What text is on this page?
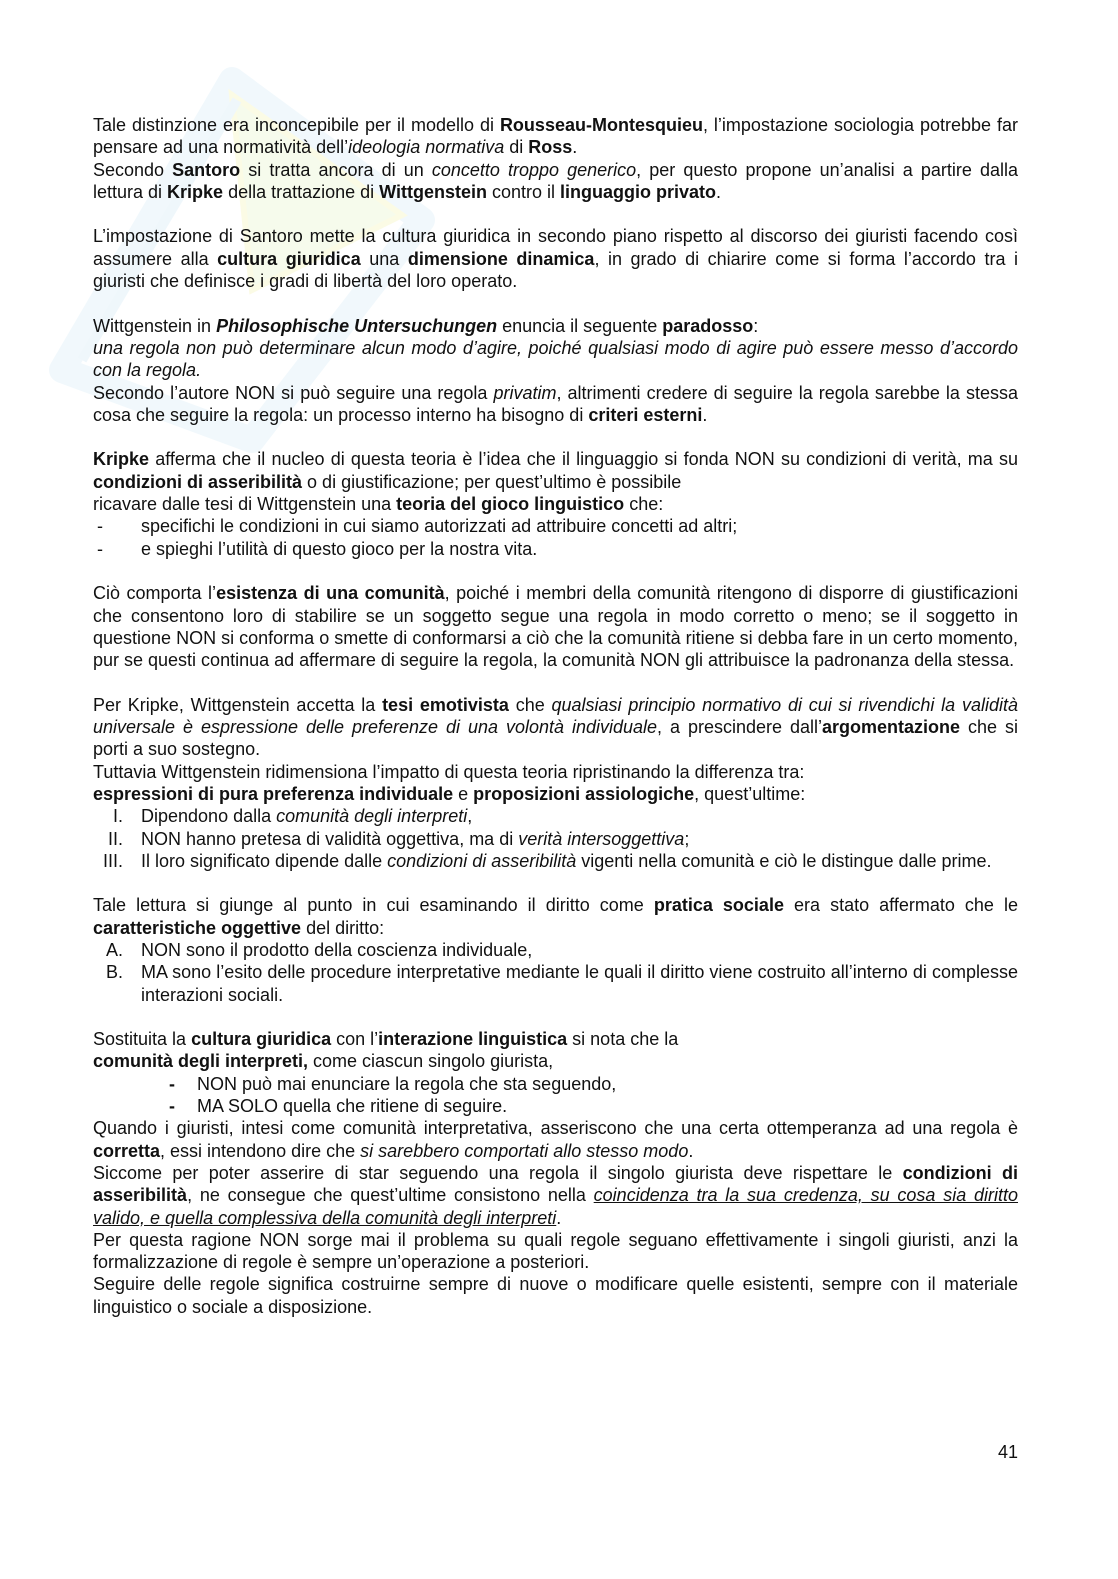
Tale distinzione era inconcepibile per il modello di Rousseau-Montesquieu, l’impostazione sociologia potrebbe far pensare ad una normatività dell’ideologia normativa di Ross.

Secondo Santoro si tratta ancora di un concetto troppo generico, per questo propone un’analisi a partire dalla lettura di Kripke della trattazione di Wittgenstein contro il linguaggio privato.

L’impostazione di Santoro mette la cultura giuridica in secondo piano rispetto al discorso dei giuristi facendo così assumere alla cultura giuridica una dimensione dinamica, in grado di chiarire come si forma l’accordo tra i giuristi che definisce i gradi di libertà del loro operato.

Wittgenstein in Philosophische Untersuchungen enuncia il seguente paradosso:

una regola non può determinare alcun modo d’agire, poiché qualsiasi modo di agire può essere messo d’accordo con la regola.

Secondo l’autore NON si può seguire una regola privatim, altrimenti credere di seguire la regola sarebbe la stessa cosa che seguire la regola: un processo interno ha bisogno di criteri esterni.

Kripke afferma che il nucleo di questa teoria è l’idea che il linguaggio si fonda NON su condizioni di verità, ma su condizioni di asseribilità o di giustificazione; per quest’ultimo è possibile

ricavare dalle tesi di Wittgenstein una teoria del gioco linguistico che:

- specifichi le condizioni in cui siamo autorizzati ad attribuire concetti ad altri;
- e spieghi l’utilità di questo gioco per la nostra vita.

Ciò comporta l’esistenza di una comunità, poiché i membri della comunità ritengono di disporre di giustificazioni che consentono loro di stabilire se un soggetto segue una regola in modo corretto o meno; se il soggetto in questione NON si conforma o smette di conformarsi a ciò che la comunità ritiene si debba fare in un certo momento, pur se questi continua ad affermare di seguire la regola, la comunità NON gli attribuisce la padronanza della stessa.

Per Kripke, Wittgenstein accetta la tesi emotivista che qualsiasi principio normativo di cui si rivendichi la validità universale è espressione delle preferenze di una volontà individuale, a prescindere dall’argomentazione che si porti a suo sostegno.

Tuttavia Wittgenstein ridimensiona l’impatto di questa teoria ripristinando la differenza tra:

espressioni di pura preferenza individuale e proposizioni assiologiche, quest’ultime:

I. Dipendono dalla comunità degli interpreti,
II. NON hanno pretesa di validità oggettiva, ma di verità intersoggettiva;
III. Il loro significato dipende dalle condizioni di asseribilità vigenti nella comunità e ciò le distingue dalle prime.

Tale lettura si giunge al punto in cui esaminando il diritto come pratica sociale era stato affermato che le caratteristiche oggettive del diritto:

A. NON sono il prodotto della coscienza individuale,
B. MA sono l’esito delle procedure interpretative mediante le quali il diritto viene costruito all’interno di complesse interazioni sociali.

Sostituita la cultura giuridica con l’interazione linguistica si nota che la

comunità degli interpreti, come ciascun singolo giurista,

- NON può mai enunciare la regola che sta seguendo,
- MA SOLO quella che ritiene di seguire.

Quando i giuristi, intesi come comunità interpretativa, asseriscono che una certa ottemperanza ad una regola è corretta, essi intendono dire che si sarebbero comportati allo stesso modo.

Siccome per poter asserire di star seguendo una regola il singolo giurista deve rispettare le condizioni di asseribilità, ne consegue che quest’ultime consistono nella coincidenza tra la sua credenza, su cosa sia diritto valido, e quella complessiva della comunità degli interpreti.

Per questa ragione NON sorge mai il problema su quali regole seguano effettivamente i singoli giuristi, anzi la formalizzazione di regole è sempre un’operazione a posteriori.

Seguire delle regole significa costruirne sempre di nuove o modificare quelle esistenti, sempre con il materiale linguistico o sociale a disposizione.

41
